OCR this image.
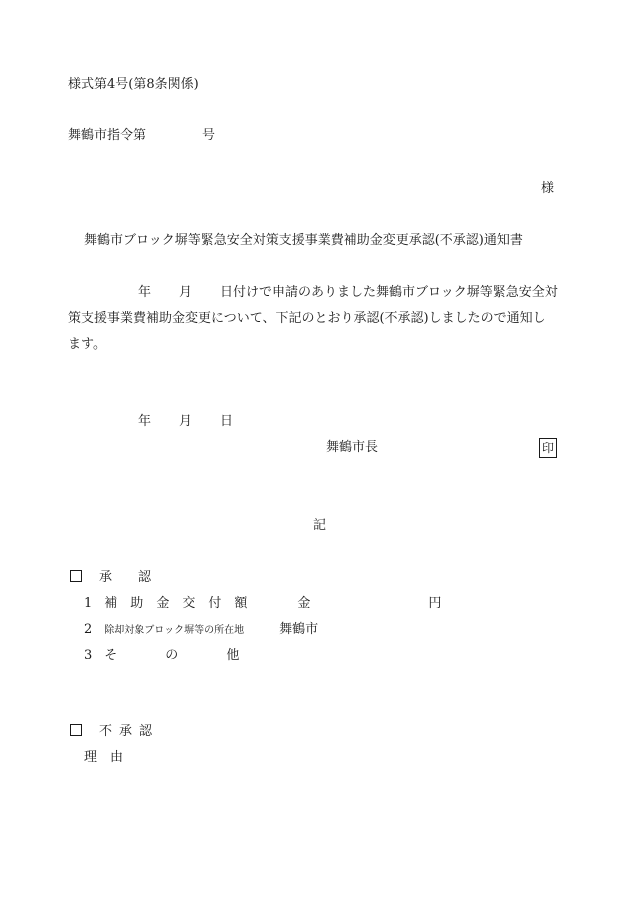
様式第4号(第8条関係)
舞鶴市指令第	号
様
舞鶴市ブロック塀等緊急安全対策支援事業費補助金変更承認(不承認)通知書
年 月 日付けで申請のありました舞鶴市ブロック塀等緊急安全対
策支援事業費補助金変更について、下記のとおり承認(不承認)しましたので通知し
ます。
年 月 日
舞鶴市長	印
記
承 認
1 補 助 金 交 付 額	金	円
2 除却対象ブロック塀等の所在地	舞鶴市
3 そ	の	他
不 承 認
理 由
